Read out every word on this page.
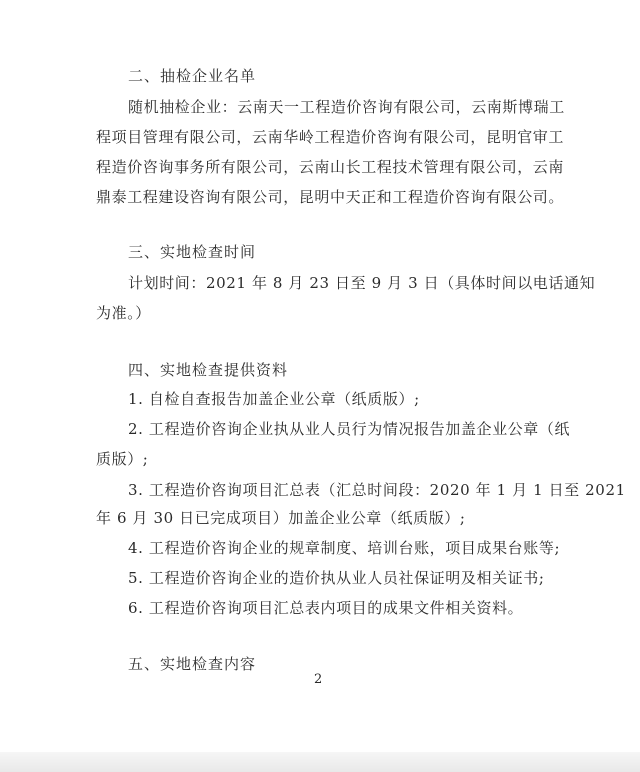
二、抽检企业名单
随机抽检企业：云南天一工程造价咨询有限公司，云南斯博瑞工
程项目管理有限公司，云南华岭工程造价咨询有限公司，昆明官审工
程造价咨询事务所有限公司，云南山长工程技术管理有限公司，云南
鼎泰工程建设咨询有限公司，昆明中天正和工程造价咨询有限公司。
三、实地检查时间
计划时间：2021 年 8 月 23 日至 9 月 3 日（具体时间以电话通知
为准。）
四、实地检查提供资料
1. 自检自查报告加盖企业公章（纸质版）;
2. 工程造价咨询企业执从业人员行为情况报告加盖企业公章（纸
质版）;
3. 工程造价咨询项目汇总表（汇总时间段：2020 年 1 月 1 日至 2021
年 6 月 30 日已完成项目）加盖企业公章（纸质版）;
4. 工程造价咨询企业的规章制度、培训台账，项目成果台账等;
5. 工程造价咨询企业的造价执从业人员社保证明及相关证书;
6. 工程造价咨询项目汇总表内项目的成果文件相关资料。
五、实地检查内容
2
